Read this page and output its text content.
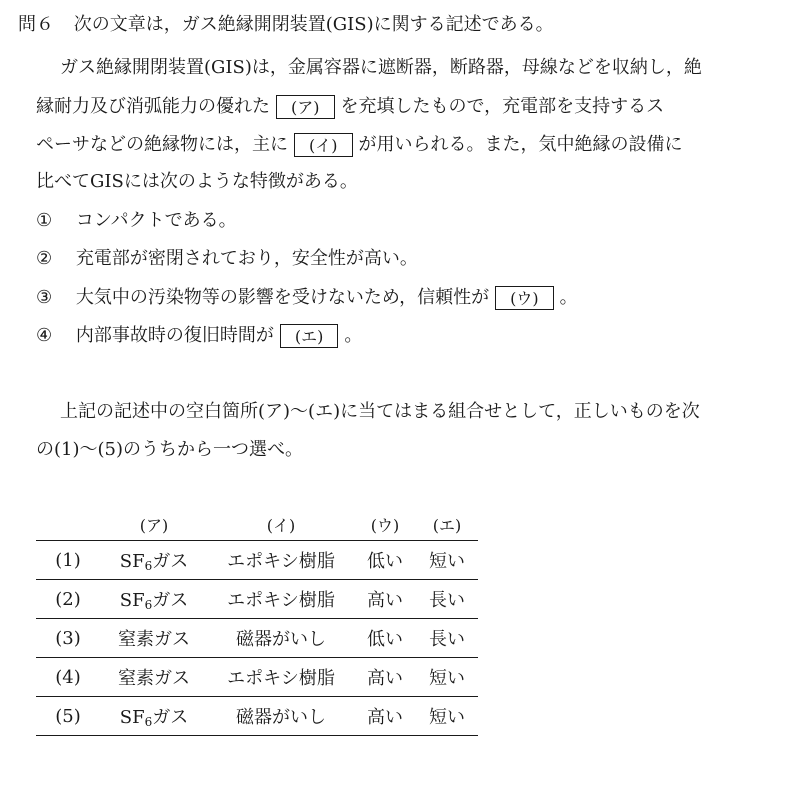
問６ 次の文章は，ガス絶縁開閉装置(GIS)に関する記述である。
ガス絶縁開閉装置(GIS)は，金属容器に遮断器，断路器，母線などを収納し，絶
縁耐力及び消弧能力の優れた (ア) を充填したもので，充電部を支持するス
ペーサなどの絶縁物には，主に (イ) が用いられる。また，気中絶縁の設備に
比べてGISには次のような特徴がある。
① コンパクトである。
② 充電部が密閉されており，安全性が高い。
③ 大気中の汚染物等の影響を受けないため，信頼性が (ウ) 。
④ 内部事故時の復旧時間が (エ) 。
上記の記述中の空白箇所(ア)～(エ)に当てはまる組合せとして，正しいものを次
の(1)～(5)のうちから一つ選べ。
	(ア)	(イ)	(ウ)	(エ)
(1)	$SF_6$ガス	エポキシ樹脂	低い	短い
(2)	$SF_6$ガス	エポキシ樹脂	高い	長い
(3)	窒素ガス	磁器がいし	低い	長い
(4)	窒素ガス	エポキシ樹脂	高い	短い
(5)	$SF_6$ガス	磁器がいし	高い	短い
